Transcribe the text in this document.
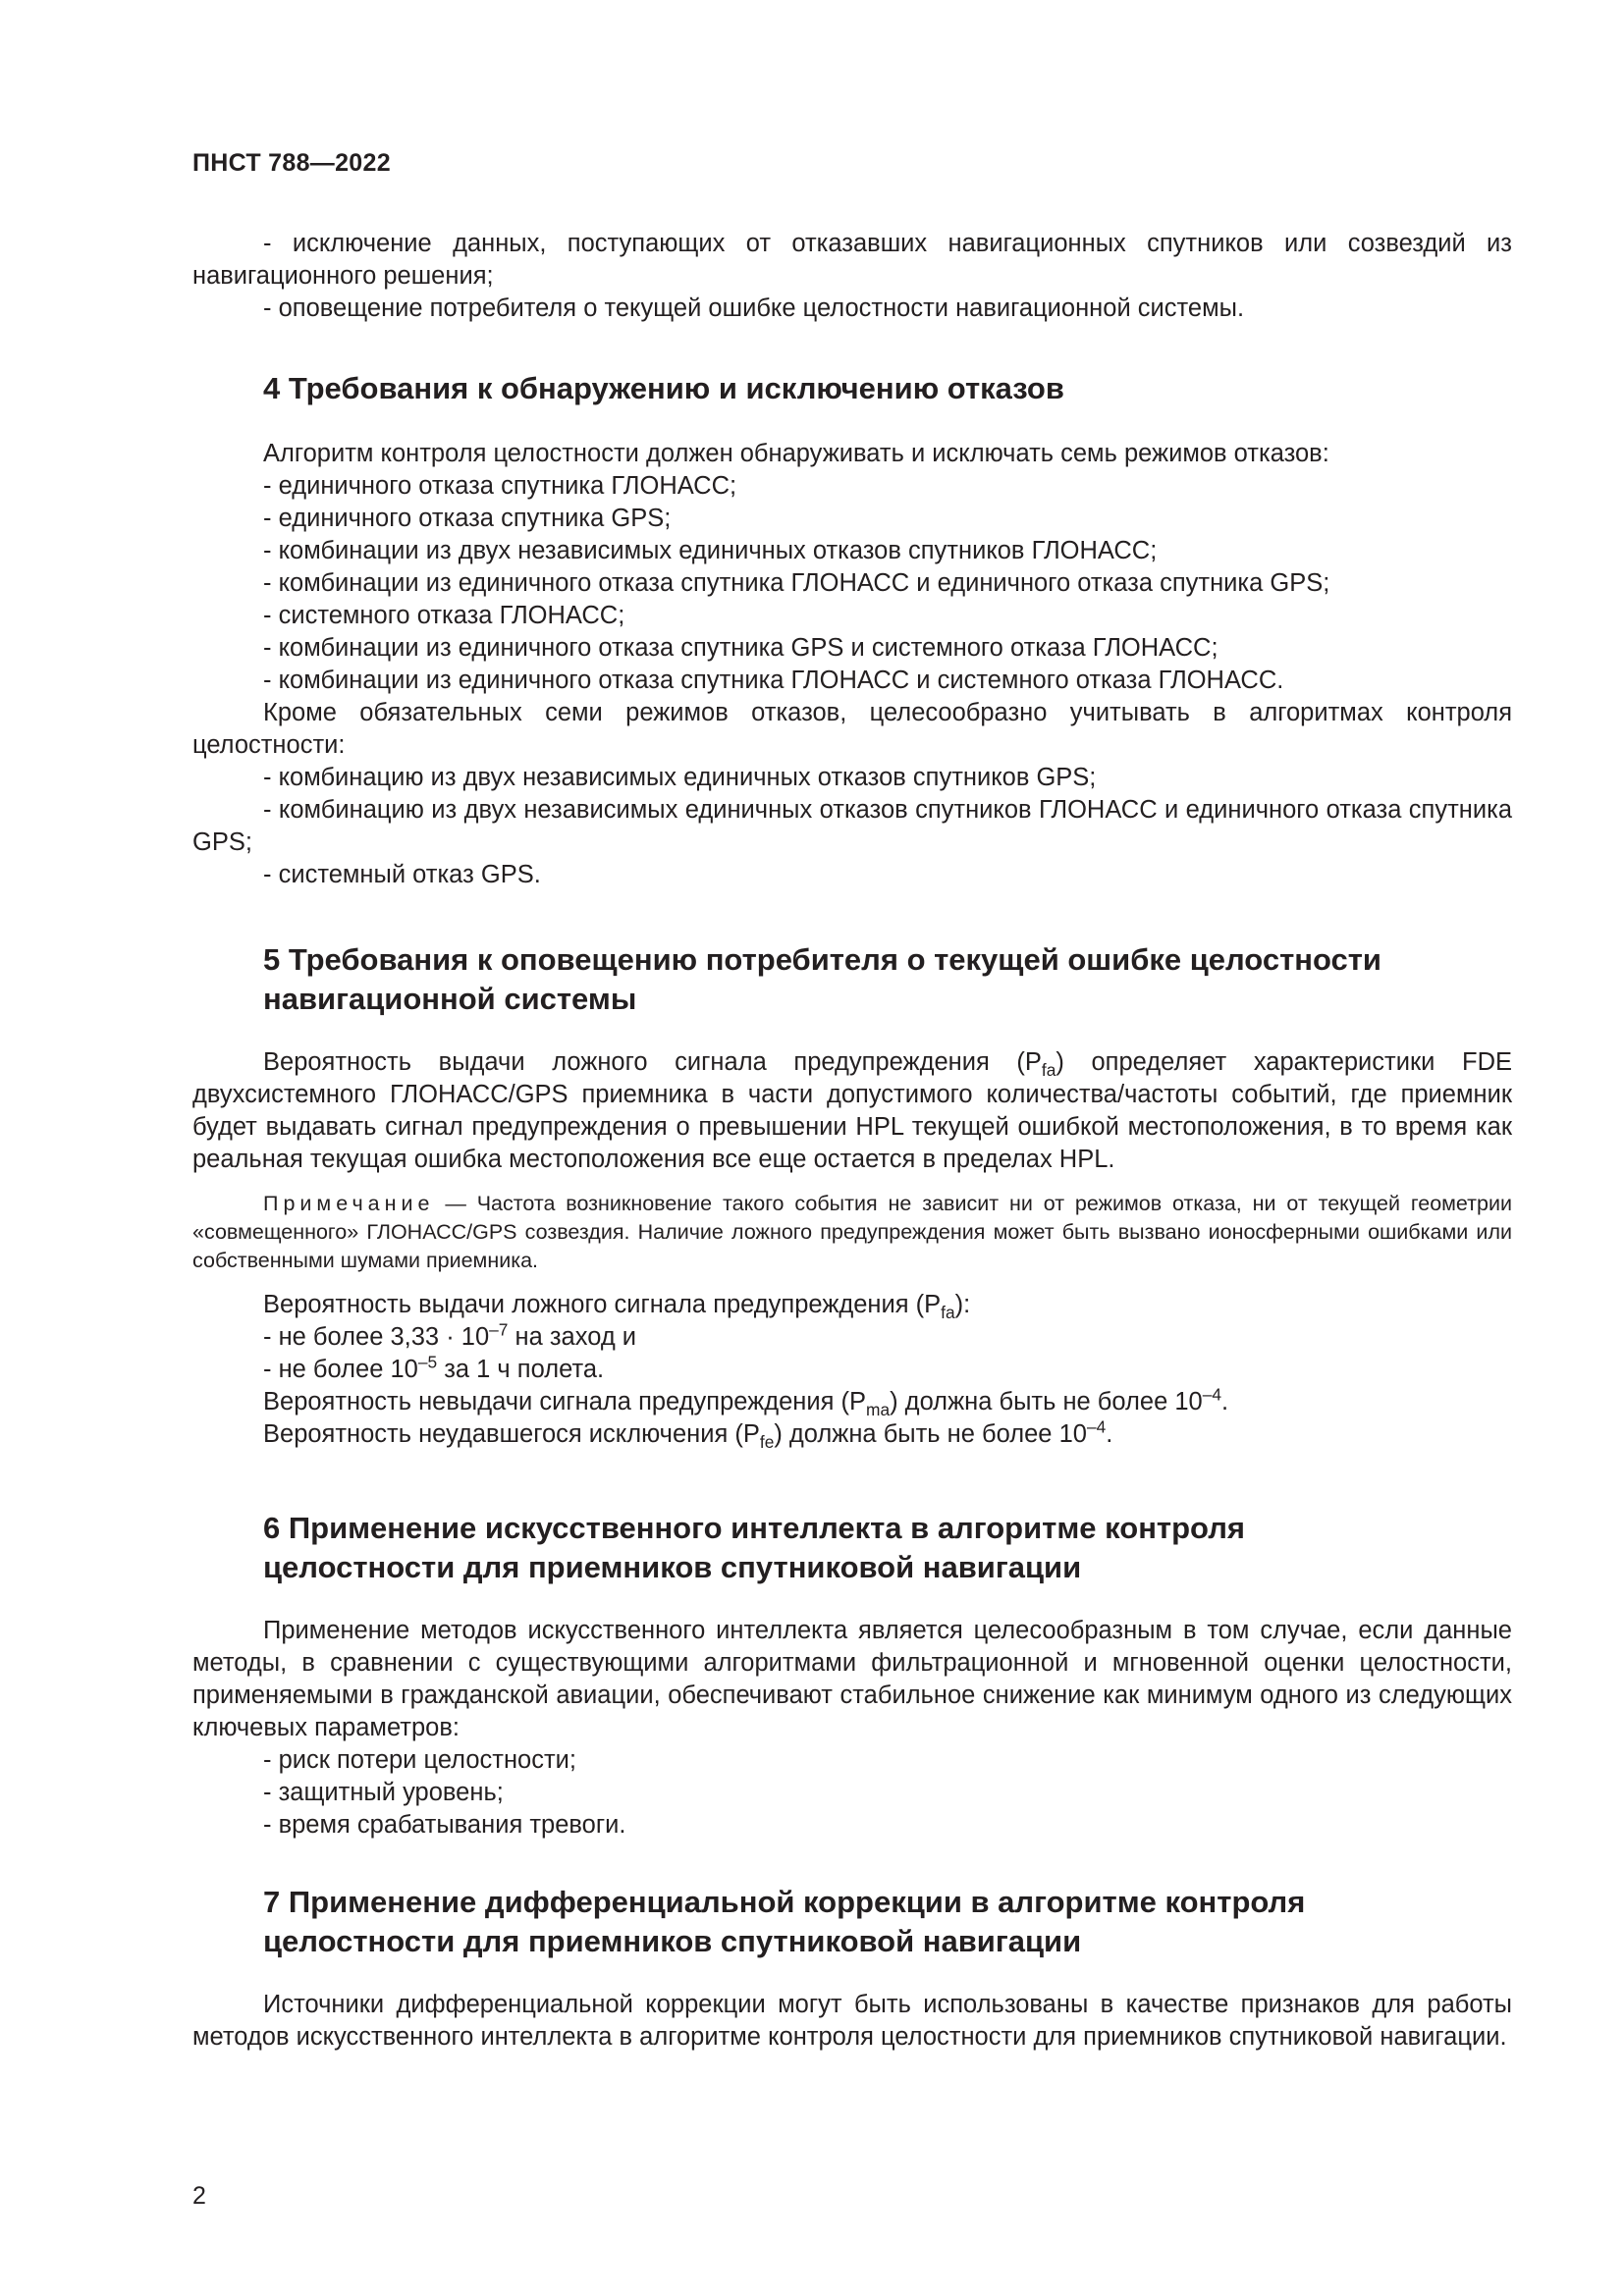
ПНСТ 788—2022

- исключение данных, поступающих от отказавших навигационных спутников или созвездий из навигационного решения;

- оповещение потребителя о текущей ошибке целостности навигационной системы.

4 Требования к обнаружению и исключению отказов

Алгоритм контроля целостности должен обнаруживать и исключать семь режимов отказов:

- единичного отказа спутника ГЛОНАСС;

- единичного отказа спутника GPS;

- комбинации из двух независимых единичных отказов спутников ГЛОНАСС;

- комбинации из единичного отказа спутника ГЛОНАСС и единичного отказа спутника GPS;

- системного отказа ГЛОНАСС;

- комбинации из единичного отказа спутника GPS и системного отказа ГЛОНАСС;

- комбинации из единичного отказа спутника ГЛОНАСС и системного отказа ГЛОНАСС.

Кроме обязательных семи режимов отказов, целесообразно учитывать в алгоритмах контроля целостности:

- комбинацию из двух независимых единичных отказов спутников GPS;

- комбинацию из двух независимых единичных отказов спутников ГЛОНАСС и единичного отказа спутника GPS;

- системный отказ GPS.

5 Требования к оповещению потребителя о текущей ошибке целостности
навигационной системы

Вероятность выдачи ложного сигнала предупреждения $(P_{fa})$ определяет характеристики FDE двухсистемного ГЛОНАСС/GPS приемника в части допустимого количества/частоты событий, где приемник будет выдавать сигнал предупреждения о превышении HPL текущей ошибкой местоположения, в то время как реальная текущая ошибка местоположения все еще остается в пределах HPL.

Примечание — Частота возникновение такого события не зависит ни от режимов отказа, ни от текущей геометрии «совмещенного» ГЛОНАСС/GPS созвездия. Наличие ложного предупреждения может быть вызвано ионосферными ошибками или собственными шумами приемника.

Вероятность выдачи ложного сигнала предупреждения $(P_{fa})$:

- не более $3,33 \cdot 10^{-7}$ на заход и

- не более $10^{-5}$ за 1 ч полета.

Вероятность невыдачи сигнала предупреждения $(P_{ma})$ должна быть не более $10^{-4}$.

Вероятность неудавшегося исключения $(P_{fe})$ должна быть не более $10^{-4}$.

6 Применение искусственного интеллекта в алгоритме контроля
целостности для приемников спутниковой навигации

Применение методов искусственного интеллекта является целесообразным в том случае, если данные методы, в сравнении с существующими алгоритмами фильтрационной и мгновенной оценки целостности, применяемыми в гражданской авиации, обеспечивают стабильное снижение как минимум одного из следующих ключевых параметров:

- риск потери целостности;

- защитный уровень;

- время срабатывания тревоги.

7 Применение дифференциальной коррекции в алгоритме контроля
целостности для приемников спутниковой навигации

Источники дифференциальной коррекции могут быть использованы в качестве признаков для работы методов искусственного интеллекта в алгоритме контроля целостности для приемников спутниковой навигации.

2
